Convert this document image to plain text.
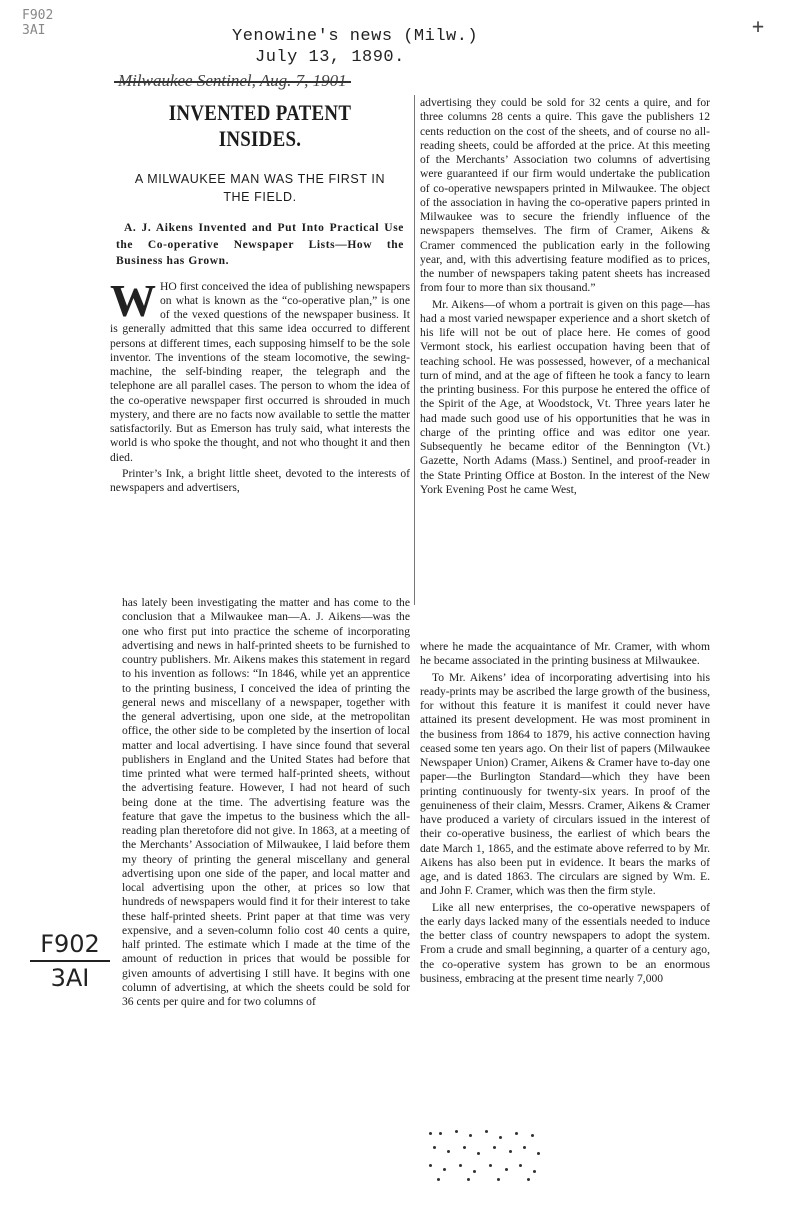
F902 3AI	+
Yenowine's news (Milw.)
July 13, 1890.
Milwaukee Sentinel, Aug. 7, 1901
F902
3AI
INVENTED PATENT INSIDES.

A MILWAUKEE MAN WAS THE FIRST IN THE FIELD.

A. J. Aikens Invented and Put Into Practical Use the Co-operative Newspaper Lists—How the Business has Grown.

W HO first conceived the idea of publishing newspapers on what is known as the “co-operative plan,” is one of the vexed questions of the newspaper business. It is generally admitted that this same idea occurred to different persons at different times, each supposing himself to be the sole inventor. The inventions of the steam locomotive, the sewing-machine, the self-binding reaper, the telegraph and the telephone are all parallel cases. The person to whom the idea of the co-operative newspaper first occurred is shrouded in much mystery, and there are no facts now available to settle the matter satisfactorily. But as Emerson has truly said, what interests the world is who spoke the thought, and not who thought it and then died.

Printer’s Ink, a bright little sheet, devoted to the interests of newspapers and advertisers,

has lately been investigating the matter and has come to the conclusion that a Milwaukee man—A. J. Aikens—was the one who first put into practice the scheme of incorporating advertising and news in half-printed sheets to be furnished to country publishers. Mr. Aikens makes this statement in regard to his invention as follows: “In 1846, while yet an apprentice to the printing business, I conceived the idea of printing the general news and miscellany of a newspaper, together with the general advertising, upon one side, at the metropolitan office, the other side to be completed by the insertion of local matter and local advertising. I have since found that several publishers in England and the United States had before that time printed what were termed half-printed sheets, without the advertising feature. However, I had not heard of such being done at the time. The advertising feature was the feature that gave the impetus to the business which the all-reading plan theretofore did not give. In 1863, at a meeting of the Merchants’ Association of Milwaukee, I laid before them my theory of printing the general miscellany and general advertising upon one side of the paper, and local matter and local advertising upon the other, at prices so low that hundreds of newspapers would find it for their interest to take these half-printed sheets. Print paper at that time was very expensive, and a seven-column folio cost 40 cents a quire, half printed. The estimate which I made at the time of the amount of reduction in prices that would be possible for given amounts of advertising I still have. It begins with one column of advertising, at which the sheets could be sold for 36 cents per quire and for two columns of

advertising they could be sold for 32 cents a quire, and for three columns 28 cents a quire. This gave the publishers 12 cents reduction on the cost of the sheets, and of course no all-reading sheets, could be afforded at the price. At this meeting of the Merchants’ Association two columns of advertising were guaranteed if our firm would undertake the publication of co-operative newspapers printed in Milwaukee. The object of the association in having the co-operative papers printed in Milwaukee was to secure the friendly influence of the newspapers themselves. The firm of Cramer, Aikens & Cramer commenced the publication early in the following year, and, with this advertising feature modified as to prices, the number of newspapers taking patent sheets has increased from four to more than six thousand.”

Mr. Aikens—of whom a portrait is given on this page—has had a most varied newspaper experience and a short sketch of his life will not be out of place here. He comes of good Vermont stock, his earliest occupation having been that of teaching school. He was possessed, however, of a mechanical turn of mind, and at the age of fifteen he took a fancy to learn the printing business. For this purpose he entered the office of the Spirit of the Age, at Woodstock, Vt. Three years later he had made such good use of his opportunities that he was in charge of the printing office and was editor one year. Subsequently he became editor of the Bennington (Vt.) Gazette, North Adams (Mass.) Sentinel, and proof-reader in the State Printing Office at Boston. In the interest of the New York Evening Post he came West,

where he made the acquaintance of Mr. Cramer, with whom he became associated in the printing business at Milwaukee.

To Mr. Aikens’ idea of incorporating advertising into his ready-prints may be ascribed the large growth of the business, for without this feature it is manifest it could never have attained its present development. He was most prominent in the business from 1864 to 1879, his active connection having ceased some ten years ago. On their list of papers (Milwaukee Newspaper Union) Cramer, Aikens & Cramer have to-day one paper—the Burlington Standard—which they have been printing continuously for twenty-six years. In proof of the genuineness of their claim, Messrs. Cramer, Aikens & Cramer have produced a variety of circulars issued in the interest of their co-operative business, the earliest of which bears the date March 1, 1865, and the estimate above referred to by Mr. Aikens has also been put in evidence. It bears the marks of age, and is dated 1863. The circulars are signed by Wm. E. and John F. Cramer, which was then the firm style.

Like all new enterprises, the co-operative newspapers of the early days lacked many of the essentials needed to induce the better class of country newspapers to adopt the system. From a crude and small beginning, a quarter of a century ago, the co-operative system has grown to be an enormous business, embracing at the present time nearly 7,000
